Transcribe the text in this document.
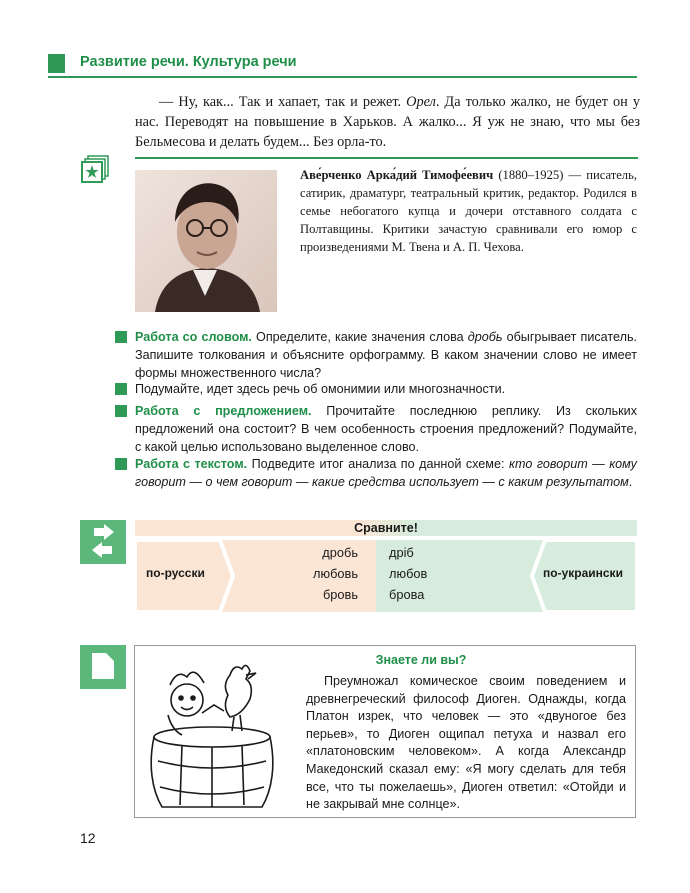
Развитие речи. Культура речи

— Ну, как... Так и хапает, так и режет. Орел. Да только жалко, не будет он у нас. Переводят на повышение в Харьков. А жалко... Я уж не знаю, что мы без Бельмесова и делать будем... Без орла-то.

Аве́рченко Арка́дий Тимофе́евич (1880–1925) — писатель, сатирик, драматург, театральный критик, редактор. Родился в семье небогатого купца и дочери отставного солдата с Полтавщины. Критики зачастую сравнивали его юмор с произведениями М. Твена и А. П. Чехова.
Работа со словом. Определите, какие значения слова дробь обыгрывает писатель. Запишите толкования и объясните орфограмму. В каком значении слово не имеет формы множественного числа?
Подумайте, идет здесь речь об омонимии или многозначности.
Работа с предложением. Прочитайте последнюю реплику. Из скольких предложений она состоит? В чем особенность строения предложений? Подумайте, с какой целью использовано выделенное слово.
Работа с текстом. Подведите итог анализа по данной схеме: кто говорит — кому говорит — о чем говорит — какие средства использует — с каким результатом.
Сравните!
по-русски	по-украински
дробь
любовь
бровь
дріб
любов
брова
Знаете ли вы?
Преумножал комическое своим поведением и древнегреческий философ Диоген. Однажды, когда Платон изрек, что человек — это «двуногое без перьев», то Диоген ощипал петуха и назвал его «платоновским человеком». А когда Александр Македонский сказал ему: «Я могу сделать для тебя все, что ты пожелаешь», Диоген ответил: «Отойди и не закрывай мне солнце».
12
